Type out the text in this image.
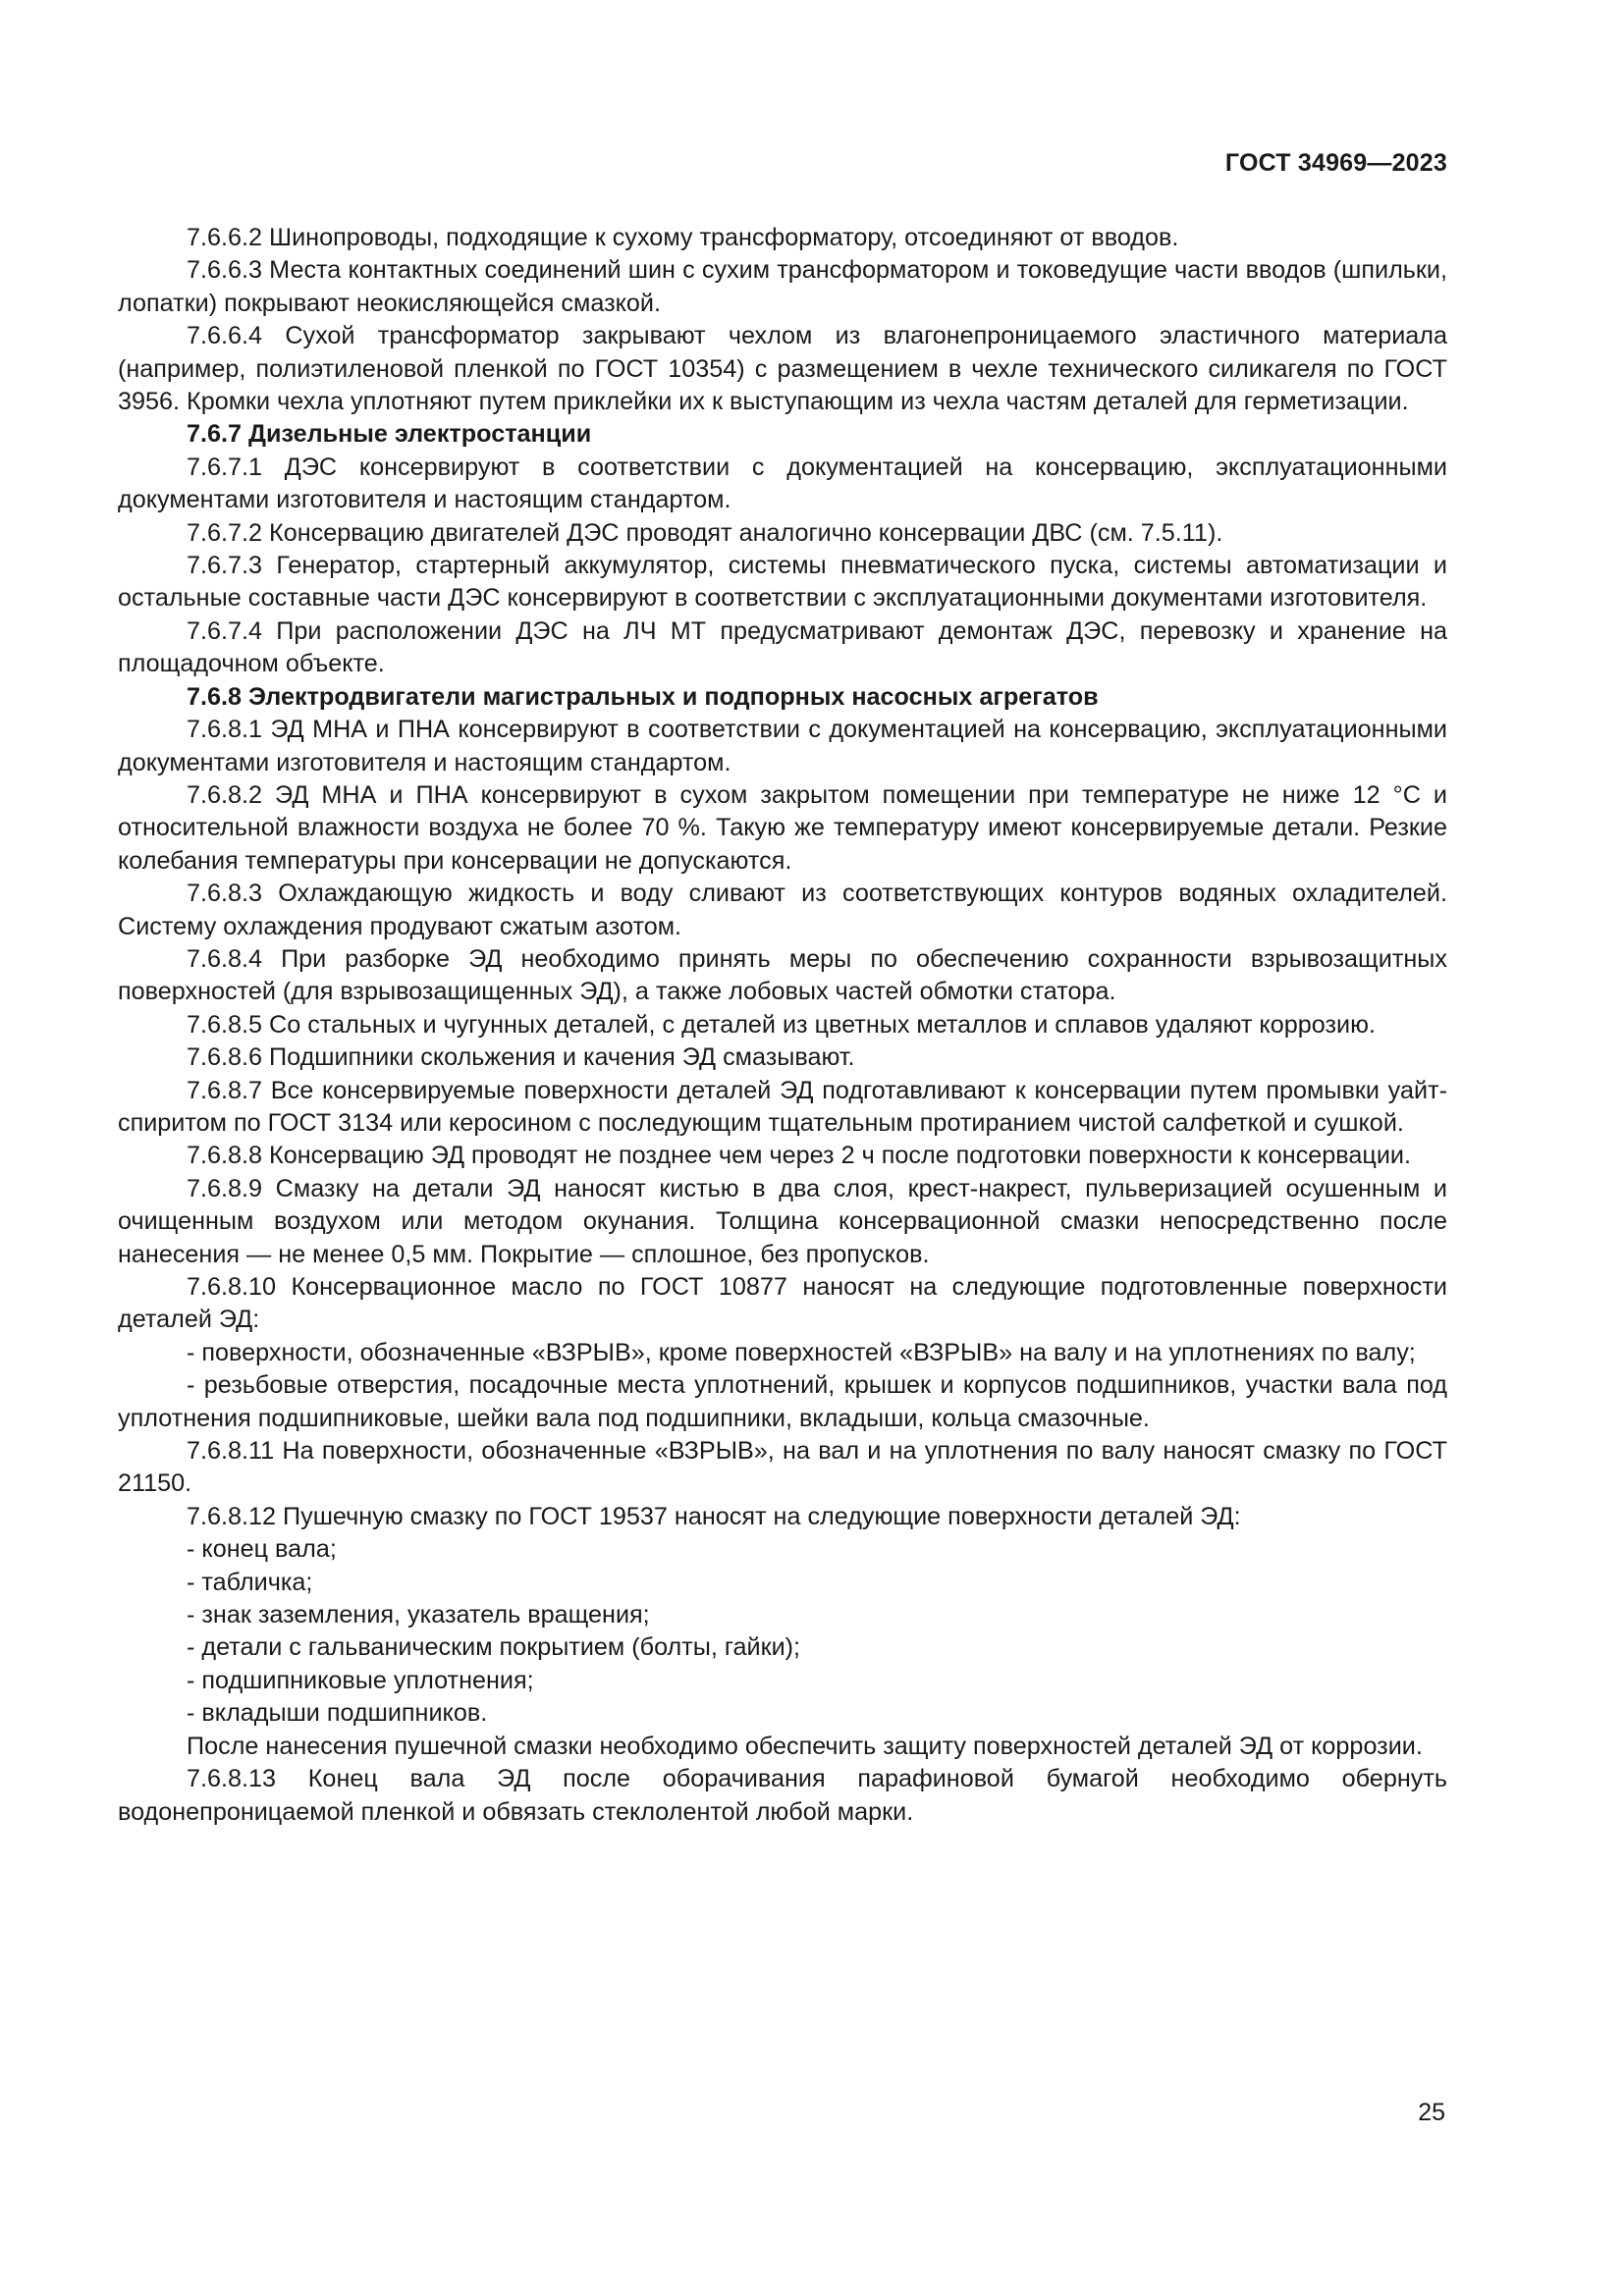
ГОСТ 34969—2023

7.6.6.2 Шинопроводы, подходящие к сухому трансформатору, отсоединяют от вводов.

7.6.6.3 Места контактных соединений шин с сухим трансформатором и токоведущие части вводов (шпильки, лопатки) покрывают неокисляющейся смазкой.

7.6.6.4 Сухой трансформатор закрывают чехлом из влагонепроницаемого эластичного материала (например, полиэтиленовой пленкой по ГОСТ 10354) с размещением в чехле технического силикагеля по ГОСТ 3956. Кромки чехла уплотняют путем приклейки их к выступающим из чехла частям деталей для герметизации.

7.6.7 Дизельные электростанции

7.6.7.1 ДЭС консервируют в соответствии с документацией на консервацию, эксплуатационными документами изготовителя и настоящим стандартом.

7.6.7.2 Консервацию двигателей ДЭС проводят аналогично консервации ДВС (см. 7.5.11).

7.6.7.3 Генератор, стартерный аккумулятор, системы пневматического пуска, системы автоматизации и остальные составные части ДЭС консервируют в соответствии с эксплуатационными документами изготовителя.

7.6.7.4 При расположении ДЭС на ЛЧ МТ предусматривают демонтаж ДЭС, перевозку и хранение на площадочном объекте.

7.6.8 Электродвигатели магистральных и подпорных насосных агрегатов

7.6.8.1 ЭД МНА и ПНА консервируют в соответствии с документацией на консервацию, эксплуатационными документами изготовителя и настоящим стандартом.

7.6.8.2 ЭД МНА и ПНА консервируют в сухом закрытом помещении при температуре не ниже 12 °С и относительной влажности воздуха не более 70 %. Такую же температуру имеют консервируемые детали. Резкие колебания температуры при консервации не допускаются.

7.6.8.3 Охлаждающую жидкость и воду сливают из соответствующих контуров водяных охладителей. Систему охлаждения продувают сжатым азотом.

7.6.8.4 При разборке ЭД необходимо принять меры по обеспечению сохранности взрывозащитных поверхностей (для взрывозащищенных ЭД), а также лобовых частей обмотки статора.

7.6.8.5 Со стальных и чугунных деталей, с деталей из цветных металлов и сплавов удаляют коррозию.

7.6.8.6 Подшипники скольжения и качения ЭД смазывают.

7.6.8.7 Все консервируемые поверхности деталей ЭД подготавливают к консервации путем промывки уайт-спиритом по ГОСТ 3134 или керосином с последующим тщательным протиранием чистой салфеткой и сушкой.

7.6.8.8 Консервацию ЭД проводят не позднее чем через 2 ч после подготовки поверхности к консервации.

7.6.8.9 Смазку на детали ЭД наносят кистью в два слоя, крест-накрест, пульверизацией осушенным и очищенным воздухом или методом окунания. Толщина консервационной смазки непосредственно после нанесения — не менее 0,5 мм. Покрытие — сплошное, без пропусков.

7.6.8.10 Консервационное масло по ГОСТ 10877 наносят на следующие подготовленные поверхности деталей ЭД:

- поверхности, обозначенные «ВЗРЫВ», кроме поверхностей «ВЗРЫВ» на валу и на уплотнениях по валу;

- резьбовые отверстия, посадочные места уплотнений, крышек и корпусов подшипников, участки вала под уплотнения подшипниковые, шейки вала под подшипники, вкладыши, кольца смазочные.

7.6.8.11 На поверхности, обозначенные «ВЗРЫВ», на вал и на уплотнения по валу наносят смазку по ГОСТ 21150.

7.6.8.12 Пушечную смазку по ГОСТ 19537 наносят на следующие поверхности деталей ЭД:

- конец вала;

- табличка;

- знак заземления, указатель вращения;

- детали с гальваническим покрытием (болты, гайки);

- подшипниковые уплотнения;

- вкладыши подшипников.

После нанесения пушечной смазки необходимо обеспечить защиту поверхностей деталей ЭД от коррозии.

7.6.8.13 Конец вала ЭД после оборачивания парафиновой бумагой необходимо обернуть водонепроницаемой пленкой и обвязать стеклолентой любой марки.

25
